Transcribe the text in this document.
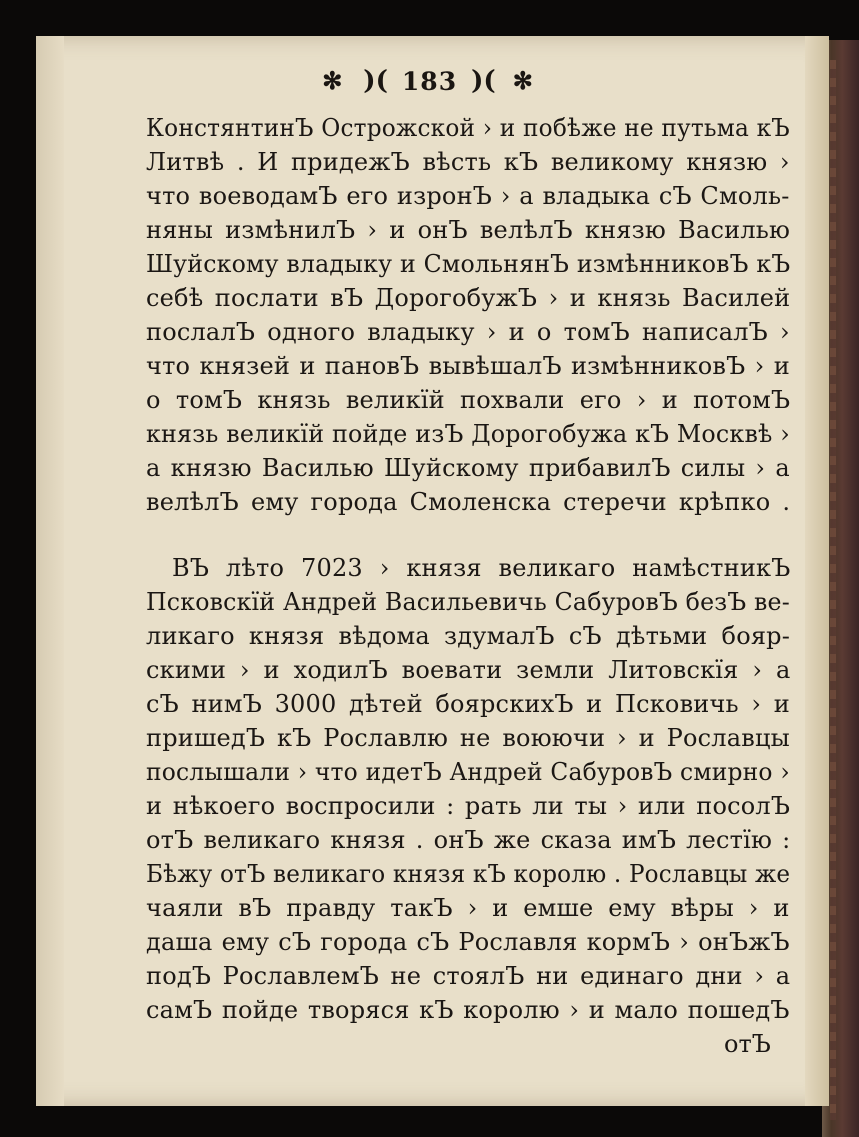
✻
)( 183 )(
✻
КонстянтинЪ Острожской › и побѣже не путьма кЪ
Литвѣ . И придежЪ вѣсть кЪ великому князю ›
что воеводамЪ его изронЪ › а владыка сЪ Смоль-
няны измѣнилЪ › и онЪ велѣлЪ князю Василью
Шуйскому владыку и СмольнянЪ измѣнниковЪ кЪ
себѣ послати вЪ ДорогобужЪ › и князь Василей
послалЪ одного владыку › и о томЪ написалЪ ›
что князей и пановЪ вывѣшалЪ измѣнниковЪ › и
о томЪ князь великїй похвали его › и потомЪ
князь великїй пойде изЪ Дорогобужа кЪ Москвѣ ›
а князю Василью Шуйскому прибавилЪ силы › а
велѣлЪ ему города Смоленска стеречи крѣпко .
ВЪ лѣто 7023 › князя великаго намѣстникЪ
Псковскїй Андрей Васильевичь СабуровЪ безЪ ве-
ликаго князя вѣдома здумалЪ сЪ дѣтьми бояр-
скими › и ходилЪ воевати земли Литовскїя › а
сЪ нимЪ 3000 дѣтей боярскихЪ и Псковичь › и
пришедЪ кЪ Рославлю не воюючи › и Рославцы
послышали › что идетЪ Андрей СабуровЪ смирно ›
и нѣкоего воспросили : рать ли ты › или посолЪ
отЪ великаго князя . онЪ же сказа имЪ лестїю :
Бѣжу отЪ великаго князя кЪ королю . Рославцы же
чаяли вЪ правду такЪ › и емше ему вѣры › и
даша ему сЪ города сЪ Рославля кормЪ › онЪжЪ
подЪ РославлемЪ не стоялЪ ни единаго дни › а
самЪ пойде творяся кЪ королю › и мало пошедЪ
отЪ
